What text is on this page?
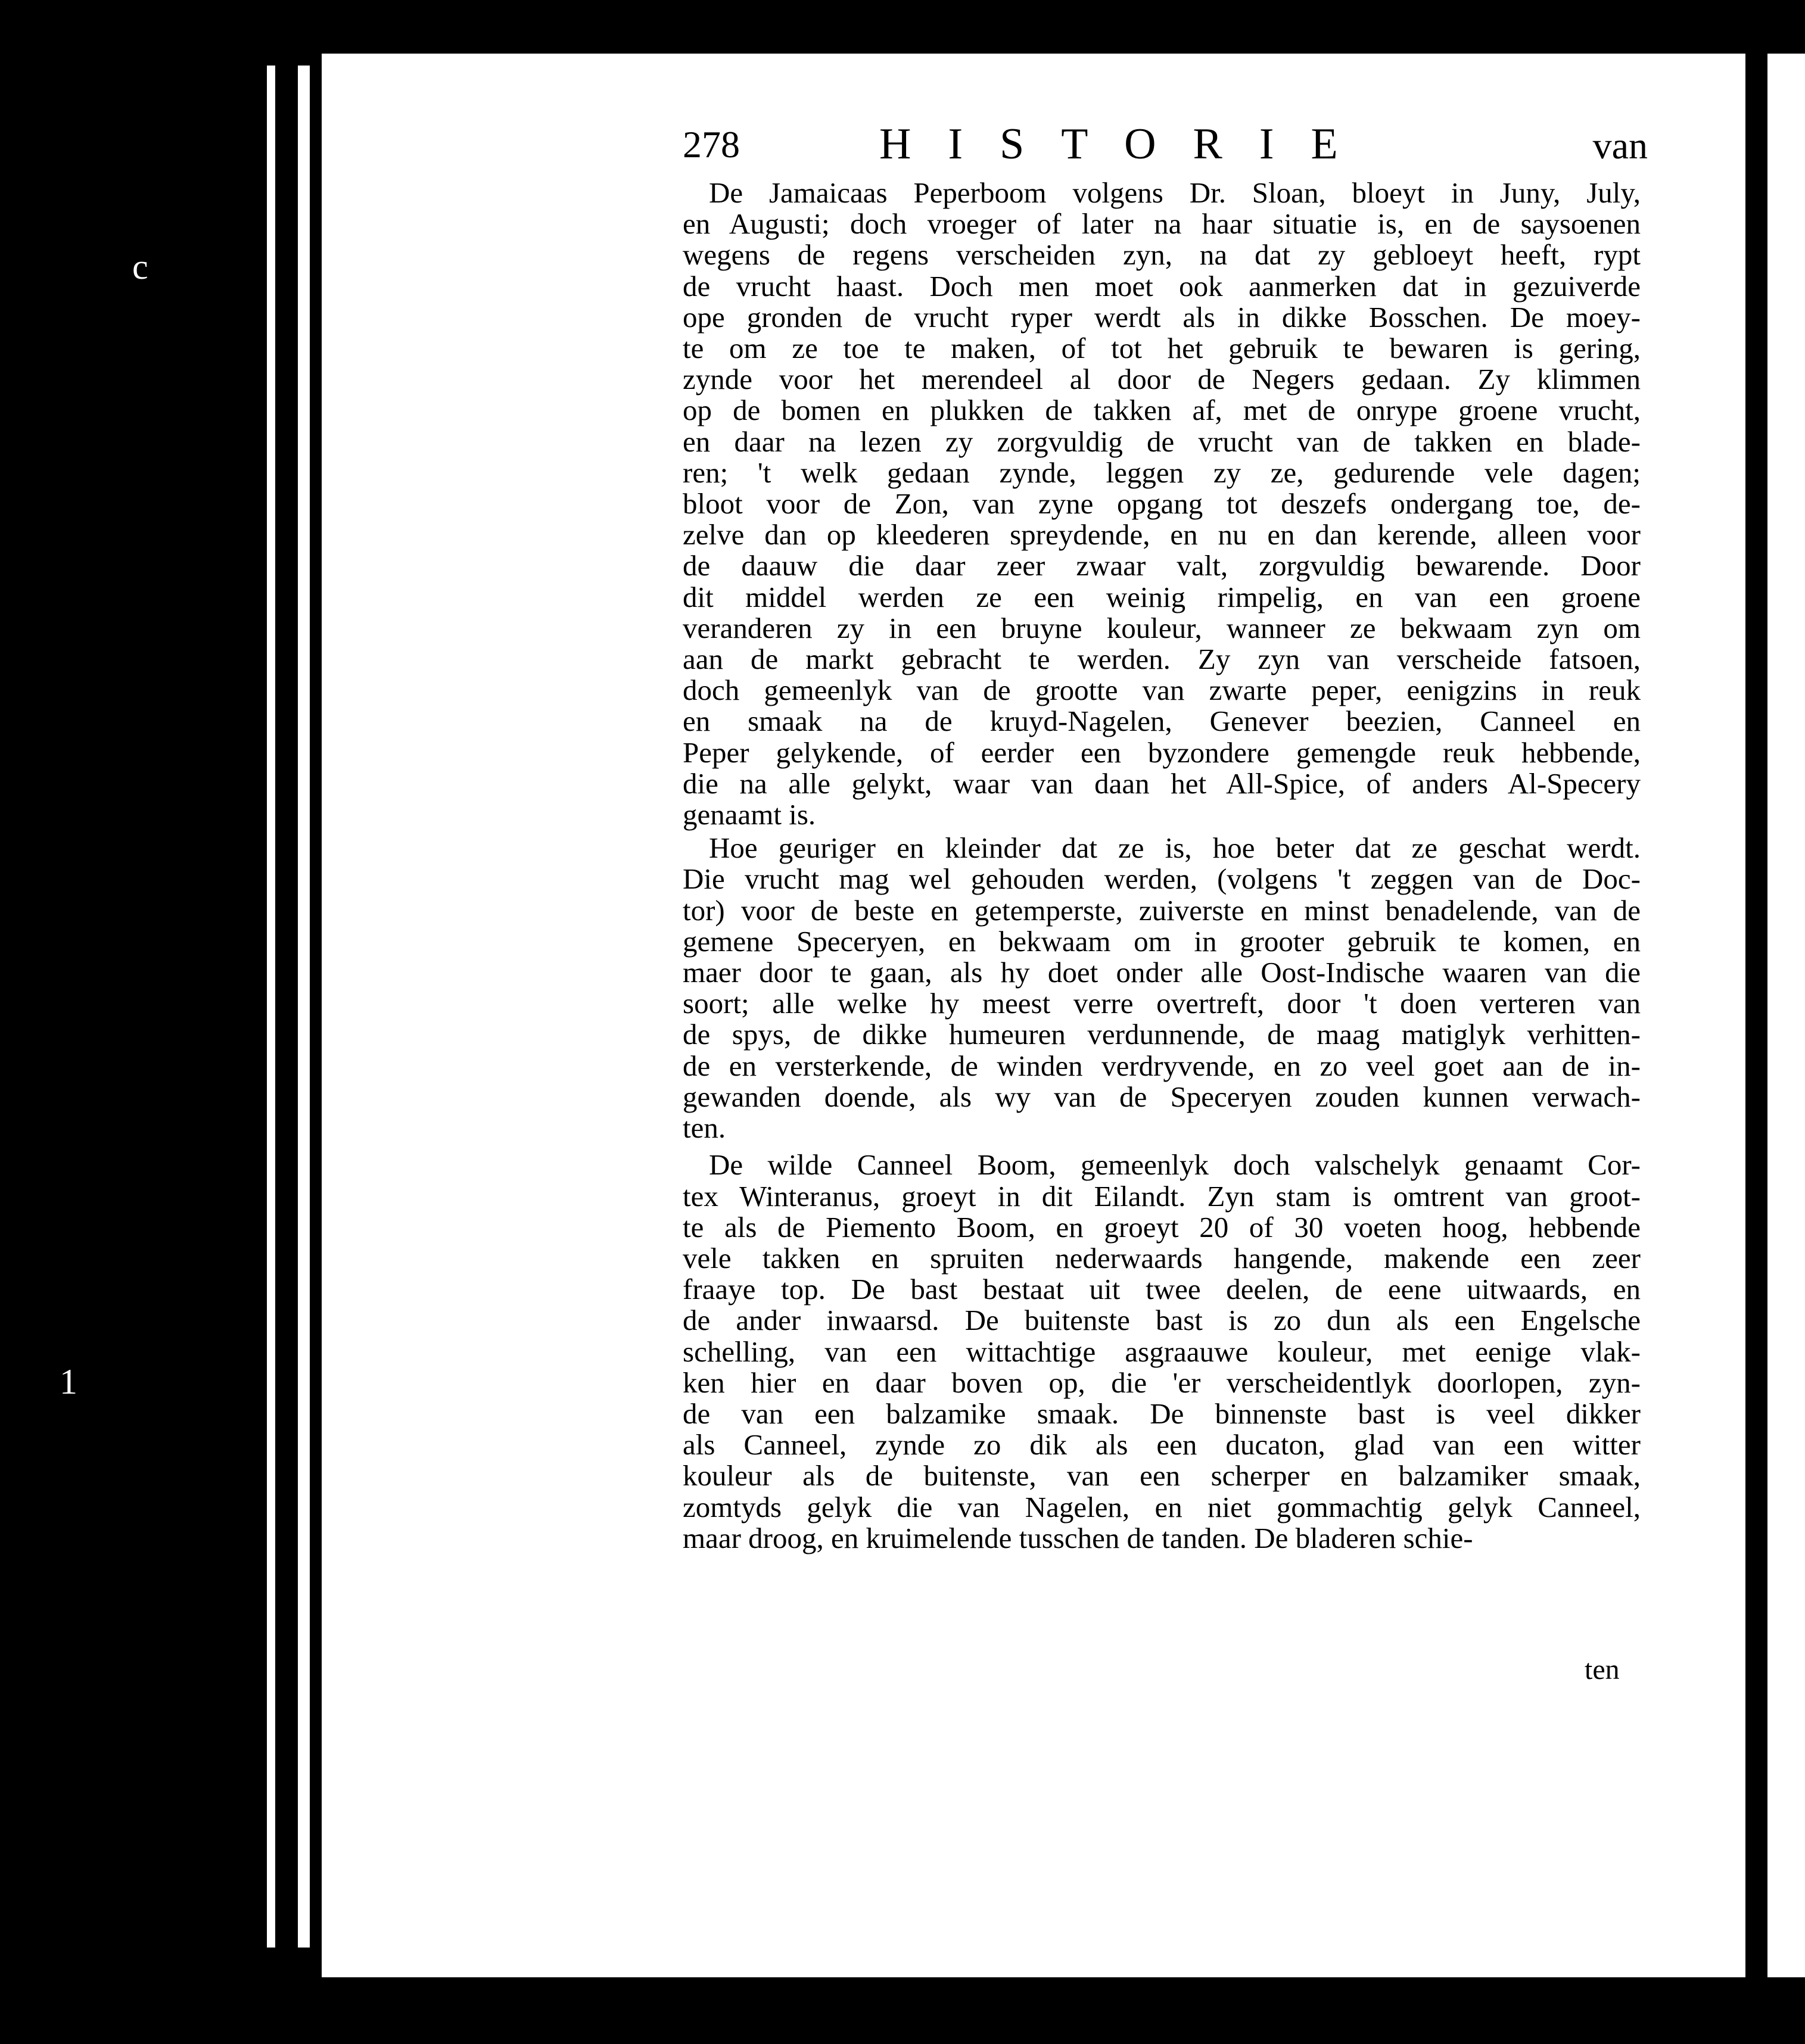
c
1
278	HISTORIE	van
De Jamaicaas Peperboom volgens Dr. Sloan, bloeyt in Juny, July,
en Augusti; doch vroeger of later na haar situatie is, en de saysoenen
wegens de regens verscheiden zyn, na dat zy gebloeyt heeft, rypt
de vrucht haast. Doch men moet ook aanmerken dat in gezuiverde
ope gronden de vrucht ryper werdt als in dikke Bosschen. De moey-
te om ze toe te maken, of tot het gebruik te bewaren is gering,
zynde voor het merendeel al door de Negers gedaan. Zy klimmen
op de bomen en plukken de takken af, met de onrype groene vrucht,
en daar na lezen zy zorgvuldig de vrucht van de takken en blade-
ren; 't welk gedaan zynde, leggen zy ze, gedurende vele dagen;
bloot voor de Zon, van zyne opgang tot deszefs ondergang toe, de-
zelve dan op kleederen spreydende, en nu en dan kerende, alleen voor
de daauw die daar zeer zwaar valt, zorgvuldig bewarende. Door
dit middel werden ze een weinig rimpelig, en van een groene
veranderen zy in een bruyne kouleur, wanneer ze bekwaam zyn om
aan de markt gebracht te werden. Zy zyn van verscheide fatsoen,
doch gemeenlyk van de grootte van zwarte peper, eenigzins in reuk
en smaak na de kruyd-Nagelen, Genever beezien, Canneel en
Peper gelykende, of eerder een byzondere gemengde reuk hebbende,
die na alle gelykt, waar van daan het All-Spice, of anders Al-Specery
genaamt is.
Hoe geuriger en kleinder dat ze is, hoe beter dat ze geschat werdt.
Die vrucht mag wel gehouden werden, (volgens 't zeggen van de Doc-
tor) voor de beste en getemperste, zuiverste en minst benadelende, van de
gemene Speceryen, en bekwaam om in grooter gebruik te komen, en
maer door te gaan, als hy doet onder alle Oost-Indische waaren van die
soort; alle welke hy meest verre overtreft, door 't doen verteren van
de spys, de dikke humeuren verdunnende, de maag matiglyk verhitten-
de en versterkende, de winden verdryvende, en zo veel goet aan de in-
gewanden doende, als wy van de Speceryen zouden kunnen verwach-
ten.
De wilde Canneel Boom, gemeenlyk doch valschelyk genaamt Cor-
tex Winteranus, groeyt in dit Eilandt. Zyn stam is omtrent van groot-
te als de Piemento Boom, en groeyt 20 of 30 voeten hoog, hebbende
vele takken en spruiten nederwaards hangende, makende een zeer
fraaye top. De bast bestaat uit twee deelen, de eene uitwaards, en
de ander inwaarsd. De buitenste bast is zo dun als een Engelsche
schelling, van een wittachtige asgraauwe kouleur, met eenige vlak-
ken hier en daar boven op, die 'er verscheidentlyk doorlopen, zyn-
de van een balzamike smaak. De binnenste bast is veel dikker
als Canneel, zynde zo dik als een ducaton, glad van een witter
kouleur als de buitenste, van een scherper en balzamiker smaak,
zomtyds gelyk die van Nagelen, en niet gommachtig gelyk Canneel,
maar droog, en kruimelende tusschen de tanden. De bladeren schie-
ten
